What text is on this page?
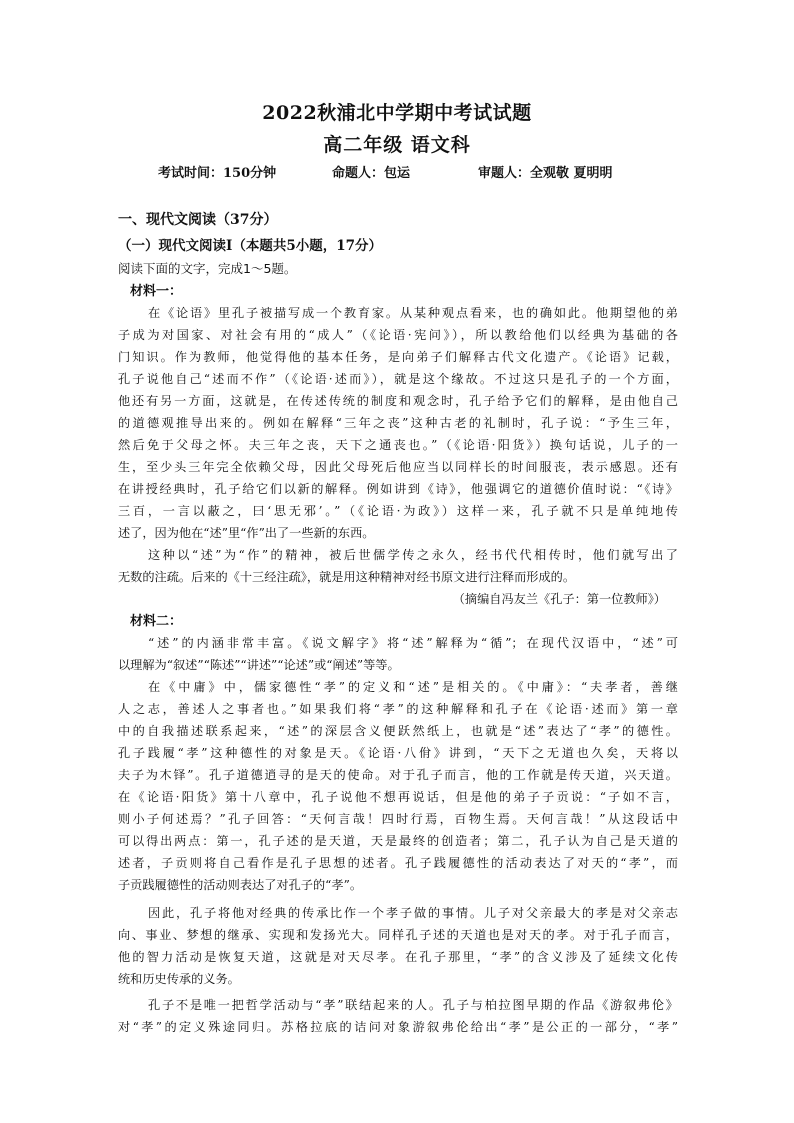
2022秋浦北中学期中考试试题
高二年级 语文科
考试时间：150分钟	命题人：包运	审题人：全观敬 夏明明
一、现代文阅读（37分）
（一）现代文阅读Ⅰ（本题共5小题，17分）
阅读下面的文字，完成1～5题。
材料一：
在《论语》里孔子被描写成一个教育家。从某种观点看来，也的确如此。他期望他的弟
子成为对国家、对社会有用的“成人”（《论语·宪问》），所以教给他们以经典为基础的各
门知识。作为教师，他觉得他的基本任务，是向弟子们解释古代文化遗产。《论语》记载，
孔子说他自己“述而不作”（《论语·述而》），就是这个缘故。不过这只是孔子的一个方面，
他还有另一方面，这就是，在传述传统的制度和观念时，孔子给予它们的解释，是由他自己
的道德观推导出来的。例如在解释“三年之丧”这种古老的礼制时，孔子说：“予生三年，
然后免于父母之怀。夫三年之丧，天下之通丧也。”（《论语·阳货》）换句话说，儿子的一
生，至少头三年完全依赖父母，因此父母死后他应当以同样长的时间服丧，表示感恩。还有
在讲授经典时，孔子给它们以新的解释。例如讲到《诗》，他强调它的道德价值时说：“《诗》
三百，一言以蔽之，曰‘思无邪’。”（《论语·为政》）这样一来，孔子就不只是单纯地传
述了，因为他在“述”里“作”出了一些新的东西。
这种以“述”为“作”的精神，被后世儒学传之永久，经书代代相传时，他们就写出了
无数的注疏。后来的《十三经注疏》，就是用这种精神对经书原文进行注释而形成的。
（摘编自冯友兰《孔子：第一位教师》）
材料二：
“述”的内涵非常丰富。《说文解字》将“述”解释为“循”；在现代汉语中，“述”可
以理解为“叙述”“陈述”“讲述”“论述”或“阐述”等等。
在《中庸》中，儒家德性“孝”的定义和“述”是相关的。《中庸》：“夫孝者，善继
人之志，善述人之事者也。”如果我们将“孝”的这种解释和孔子在《论语·述而》第一章
中的自我描述联系起来，“述”的深层含义便跃然纸上，也就是“述”表达了“孝”的德性。
孔子践履“孝”这种德性的对象是天。《论语·八佾》讲到，“天下之无道也久矣，天将以
夫子为木铎”。孔子道德逍寻的是天的使命。对于孔子而言，他的工作就是传天道，兴天道。
在《论语·阳货》第十八章中，孔子说他不想再说话，但是他的弟子子贡说：“子如不言，
则小子何述焉？”孔子回答：“天何言哉！四时行焉，百物生焉。天何言哉！”从这段话中
可以得出两点：第一，孔子述的是天道，天是最终的创造者；第二，孔子认为自己是天道的
述者，子贡则将自己看作是孔子思想的述者。孔子践履德性的活动表达了对天的“孝”，而
子贡践履德性的活动则表达了对孔子的“孝”。
因此，孔子将他对经典的传承比作一个孝子做的事情。儿子对父亲最大的孝是对父亲志
向、事业、梦想的继承、实现和发扬光大。同样孔子述的天道也是对天的孝。对于孔子而言，
他的智力活动是恢复天道，这就是对天尽孝。在孔子那里，“孝”的含义涉及了延续文化传
统和历史传承的义务。
孔子不是唯一把哲学活动与“孝”联结起来的人。孔子与柏拉图早期的作品《游叙弗伦》
对“孝”的定义殊途同归。苏格拉底的诘问对象游叙弗伦给出“孝”是公正的一部分，“孝”
